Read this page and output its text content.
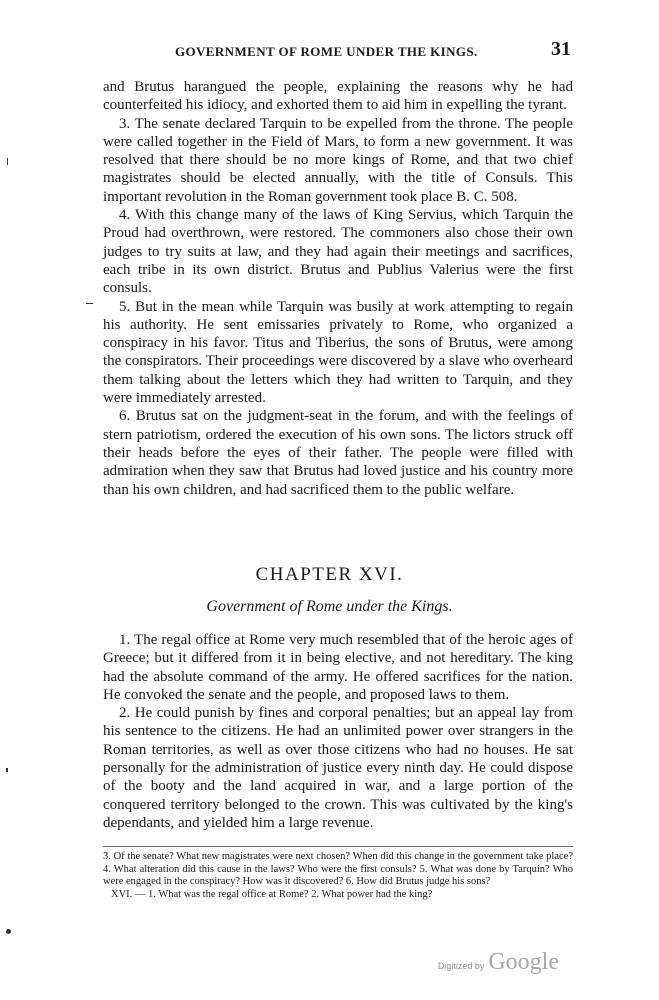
GOVERNMENT OF ROME UNDER THE KINGS.	31

and Brutus harangued the people, explaining the reasons why he had counterfeited his idiocy, and exhorted them to aid him in expelling the tyrant.

3. The senate declared Tarquin to be expelled from the throne. The people were called together in the Field of Mars, to form a new government. It was resolved that there should be no more kings of Rome, and that two chief magistrates should be elected annually, with the title of Consuls. This important revolution in the Roman government took place B. C. 508.

4. With this change many of the laws of King Servius, which Tarquin the Proud had overthrown, were restored. The commoners also chose their own judges to try suits at law, and they had again their meetings and sacrifices, each tribe in its own district. Brutus and Publius Valerius were the first consuls.

5. But in the mean while Tarquin was busily at work attempting to regain his authority. He sent emissaries privately to Rome, who organized a conspiracy in his favor. Titus and Tiberius, the sons of Brutus, were among the conspirators. Their proceedings were discovered by a slave who overheard them talking about the letters which they had written to Tarquin, and they were immediately arrested.

6. Brutus sat on the judgment-seat in the forum, and with the feelings of stern patriotism, ordered the execution of his own sons. The lictors struck off their heads before the eyes of their father. The people were filled with admiration when they saw that Brutus had loved justice and his country more than his own children, and had sacrificed them to the public welfare.

CHAPTER XVI.
Government of Rome under the Kings.

1. The regal office at Rome very much resembled that of the heroic ages of Greece; but it differed from it in being elective, and not hereditary. The king had the absolute command of the army. He offered sacrifices for the nation. He convoked the senate and the people, and proposed laws to them.

2. He could punish by fines and corporal penalties; but an appeal lay from his sentence to the citizens. He had an unlimited power over strangers in the Roman territories, as well as over those citizens who had no houses. He sat personally for the administration of justice every ninth day. He could dispose of the booty and the land acquired in war, and a large portion of the conquered territory belonged to the crown. This was cultivated by the king's dependants, and yielded him a large revenue.

3. Of the senate? What new magistrates were next chosen? When did this change in the government take place? 4. What alteration did this cause in the laws? Who were the first consuls? 5. What was done by Tarquin? Who were engaged in the conspiracy? How was it discovered? 6. How did Brutus judge his sons?

XVI. — 1. What was the regal office at Rome? 2. What power had the king?

Digitized by Google
